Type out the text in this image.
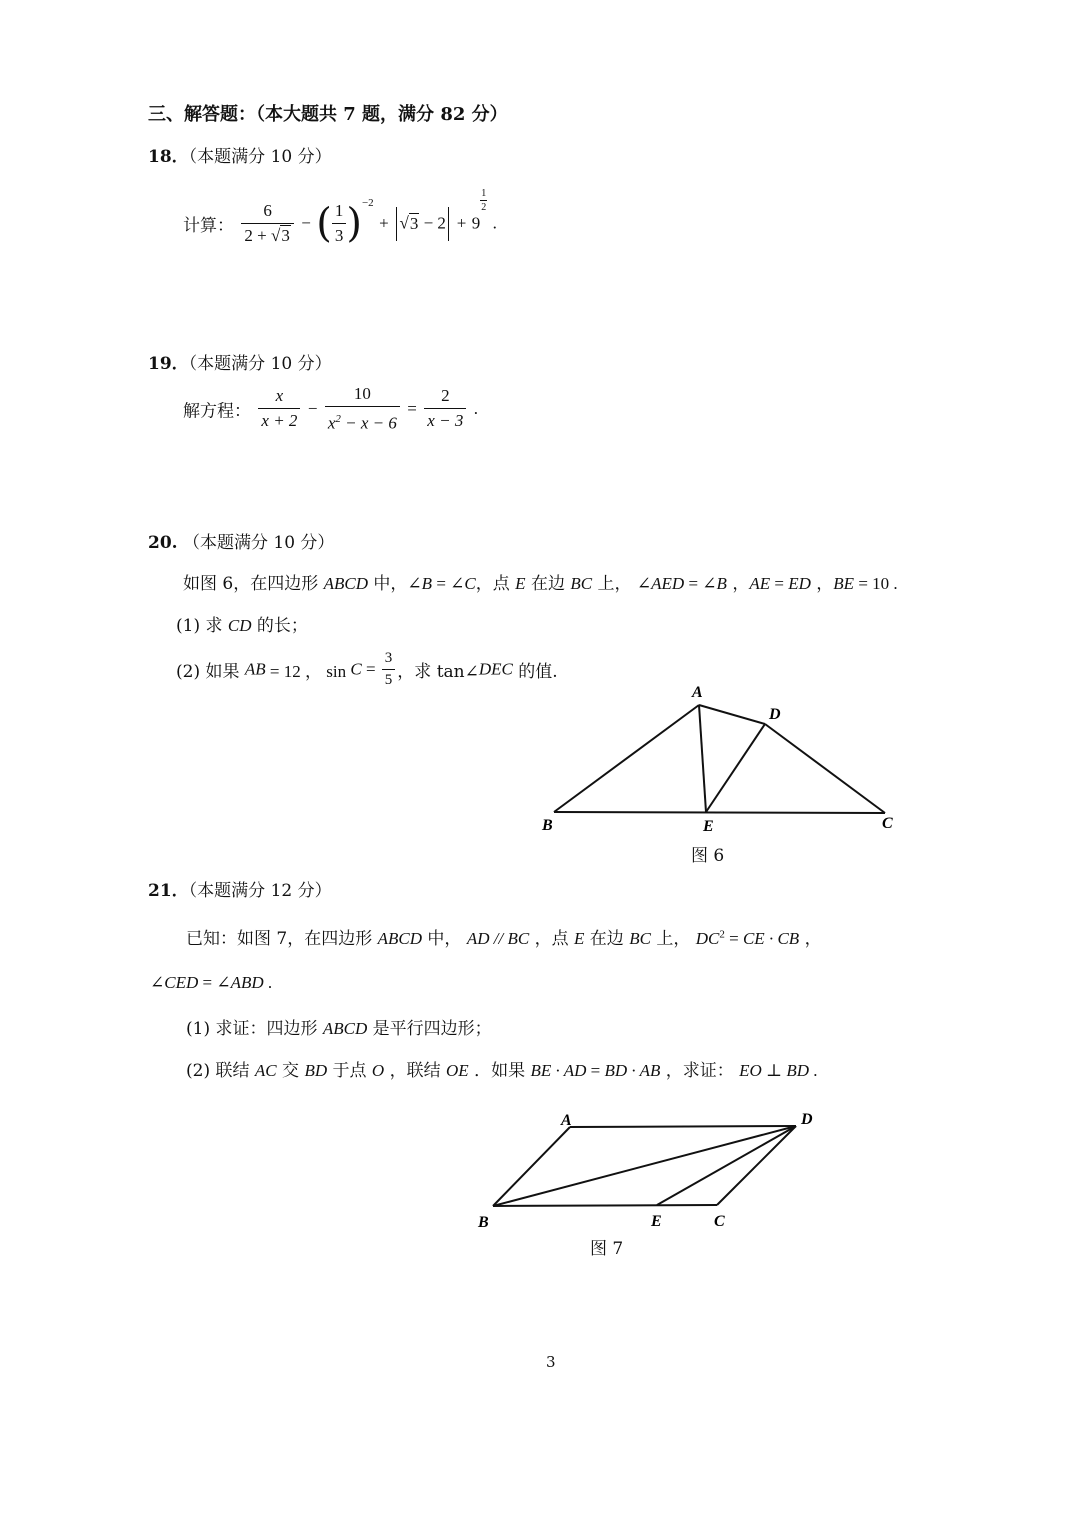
三、解答题：（本大题共 7 题，满分 82 分）
18．（本题满分 10 分）
计算： $\frac{6}{2 + √3}$ − ( $\frac{1}{3} )^{-2} + √3 - 2 + 9$
$\frac{1}{2}$
.
19．（本题满分 10 分）
解方程： $\frac{x}{x + 2} - \frac{10}{x^2 - x - 6} = \frac{2}{x - 3}$ .
20. （本题满分 10 分）
如图 6，在四边形 ABCD 中，∠B = ∠C，点 E 在边 BC 上， ∠AED = ∠B ，AE = ED ，BE = 10 .
(1) 求 CD 的长；
(2) 如果 AB = 12 ， $\sin C = \frac{3}{5}$ ，求 tan∠DEC 的值.
A
D
B	E	C
图 6
21．（本题满分 12 分）
已知：如图 7，在四边形 ABCD 中， AD // BC ，点 E 在边 BC 上， $DC^2$ = CE · CB ，
∠CED = ∠ABD .
(1) 求证：四边形 ABCD 是平行四边形；
(2) 联结 AC 交 BD 于点 O ，联结 OE ．如果 BE · AD = BD · AB ，求证： EO ⊥ BD .
A	D
B	E	C
图 7
3
